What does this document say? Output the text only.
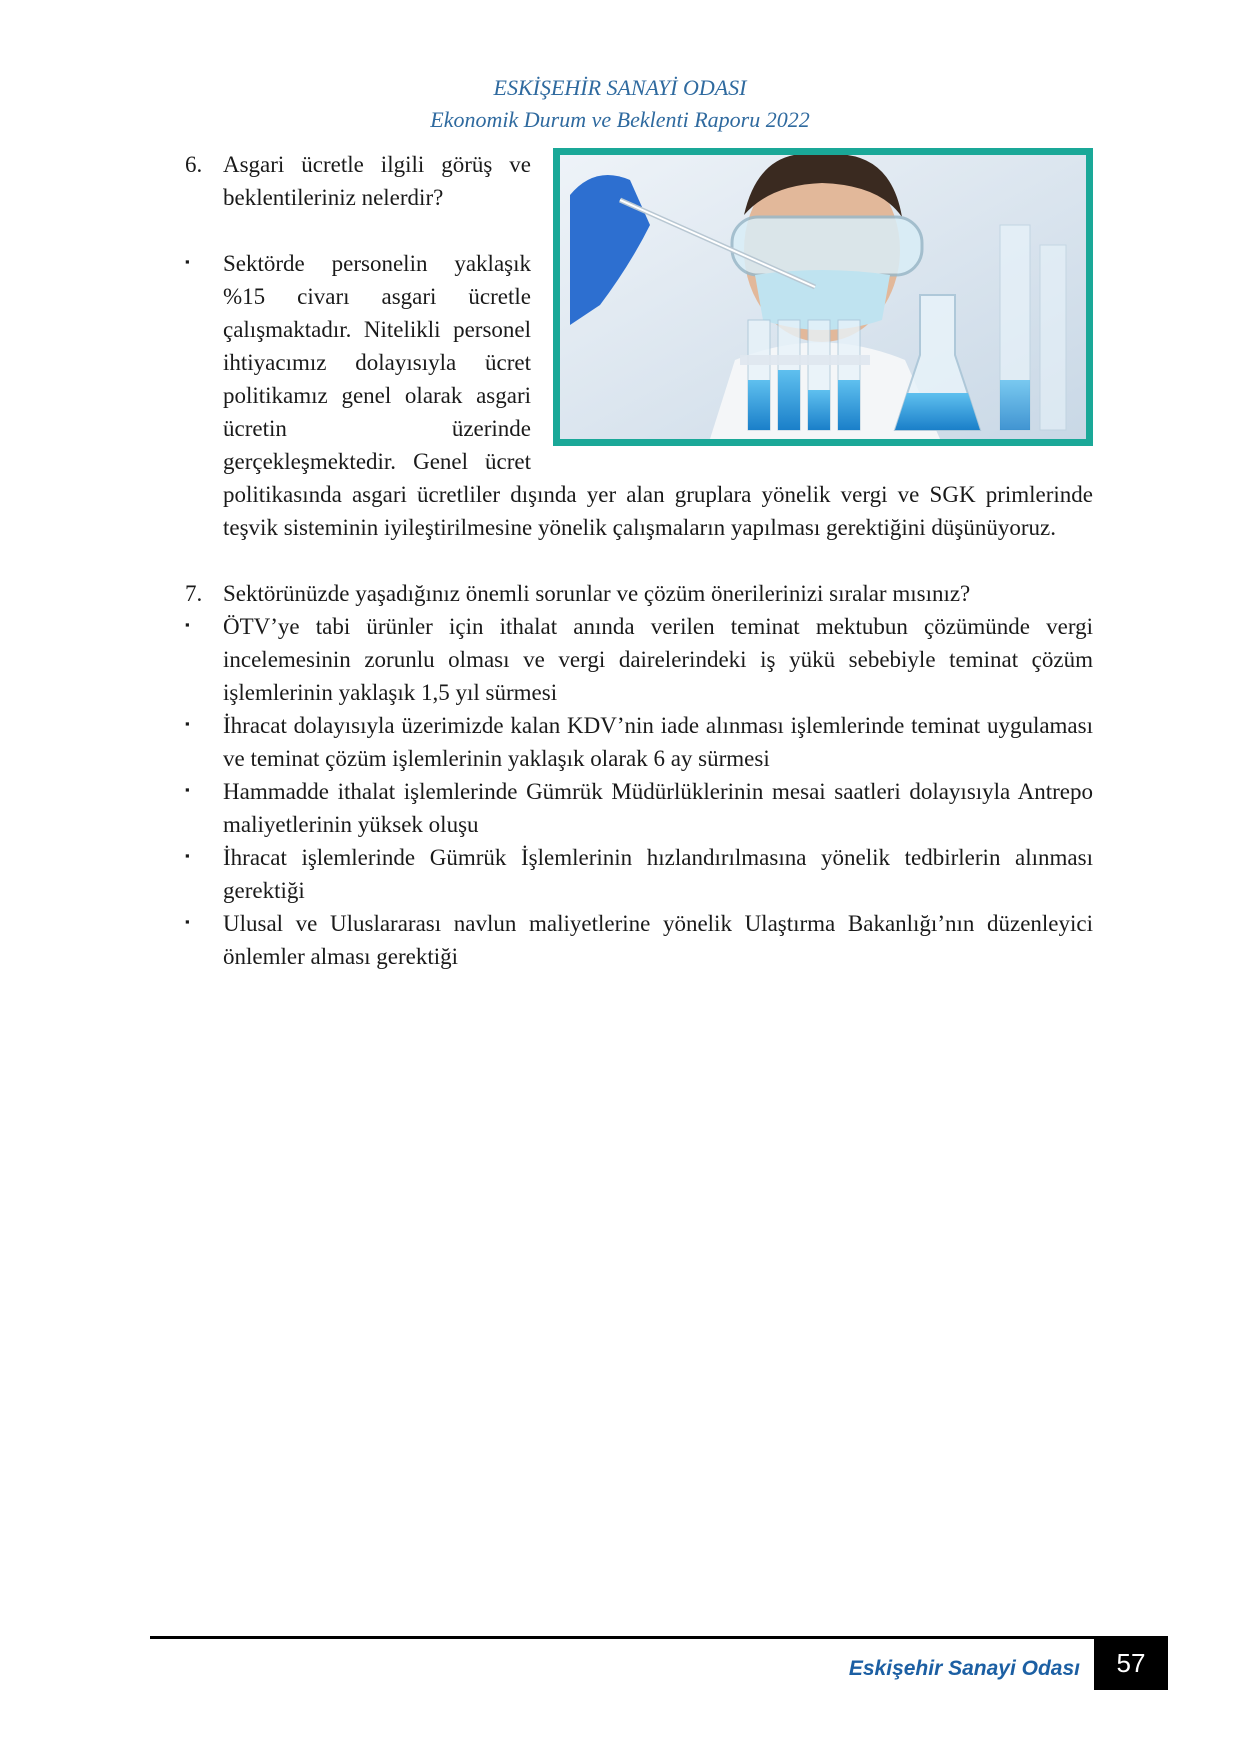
ESKİŞEHİR SANAYİ ODASI
Ekonomik Durum ve Beklenti Raporu 2022
6. Asgari ücretle ilgili görüş ve beklentileriniz nelerdir?
▪	Sektörde personelin yaklaşık %15 civarı asgari ücretle çalışmaktadır. Nitelikli personel ihtiyacımız dolayısıyla ücret politikamız genel olarak asgari ücretin üzerinde gerçekleşmektedir. Genel ücret politikasında asgari ücretliler dışında yer alan gruplara yönelik vergi ve SGK primlerinde teşvik sisteminin iyileştirilmesine yönelik çalışmaların yapılması gerektiğini düşünüyoruz.
7. Sektörünüzde yaşadığınız önemli sorunlar ve çözüm önerilerinizi sıralar mısınız?
▪	ÖTV’ye tabi ürünler için ithalat anında verilen teminat mektubun çözümünde vergi incelemesinin zorunlu olması ve vergi dairelerindeki iş yükü sebebiyle teminat çözüm işlemlerinin yaklaşık 1,5 yıl sürmesi
▪	İhracat dolayısıyla üzerimizde kalan KDV’nin iade alınması işlemlerinde teminat uygulaması ve teminat çözüm işlemlerinin yaklaşık olarak 6 ay sürmesi
▪	Hammadde ithalat işlemlerinde Gümrük Müdürlüklerinin mesai saatleri dolayısıyla Antrepo maliyetlerinin yüksek oluşu
▪	İhracat işlemlerinde Gümrük İşlemlerinin hızlandırılmasına yönelik tedbirlerin alınması gerektiği
▪	Ulusal ve Uluslararası navlun maliyetlerine yönelik Ulaştırma Bakanlığı’nın düzenleyici önlemler alması gerektiği
Eskişehir Sanayi Odası	57
